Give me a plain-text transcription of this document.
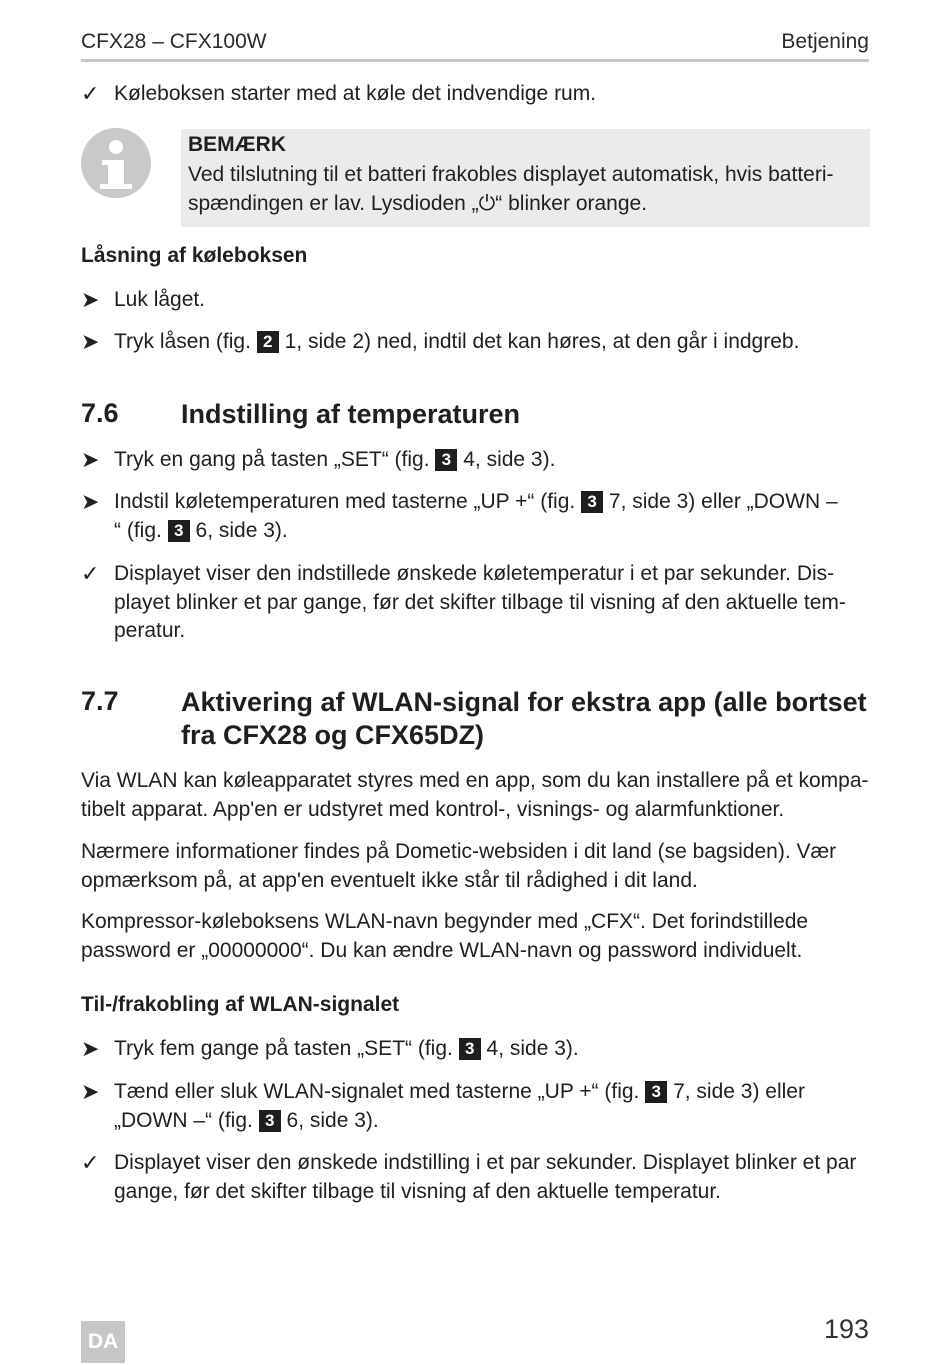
CFX28 – CFX100W	Betjening
✓ Køleboksen starter med at køle det indvendige rum.
BEMÆRK
Ved tilslutning til et batteri frakobles displayet automatisk, hvis batteri-
spændingen er lav. Lysdioden „⏻“ blinker orange.
Låsning af køleboksen
➤ Luk låget.
➤ Tryk låsen (fig. 2 1, side 2) ned, indtil det kan høres, at den går i indgreb.
7.6 Indstilling af temperaturen
➤ Tryk en gang på tasten „SET“ (fig. 3 4, side 3).
➤ Indstil køletemperaturen med tasterne „UP +“ (fig. 3 7, side 3) eller „DOWN –
“ (fig. 3 6, side 3).
✓ Displayet viser den indstillede ønskede køletemperatur i et par sekunder. Dis-
playet blinker et par gange, før det skifter tilbage til visning af den aktuelle tem-
peratur.
7.7 Aktivering af WLAN-signal for ekstra app (alle bortset
fra CFX28 og CFX65DZ)
Via WLAN kan køleapparatet styres med en app, som du kan installere på et kompa-
tibelt apparat. App'en er udstyret med kontrol-, visnings- og alarmfunktioner.
Nærmere informationer findes på Dometic-websiden i dit land (se bagsiden). Vær
opmærksom på, at app'en eventuelt ikke står til rådighed i dit land.
Kompressor-køleboksens WLAN-navn begynder med „CFX“. Det forindstillede
password er „00000000“. Du kan ændre WLAN-navn og password individuelt.
Til-/frakobling af WLAN-signalet
➤ Tryk fem gange på tasten „SET“ (fig. 3 4, side 3).
➤ Tænd eller sluk WLAN-signalet med tasterne „UP +“ (fig. 3 7, side 3) eller
„DOWN –“ (fig. 3 6, side 3).
✓ Displayet viser den ønskede indstilling i et par sekunder. Displayet blinker et par
gange, før det skifter tilbage til visning af den aktuelle temperatur.
DA	193
